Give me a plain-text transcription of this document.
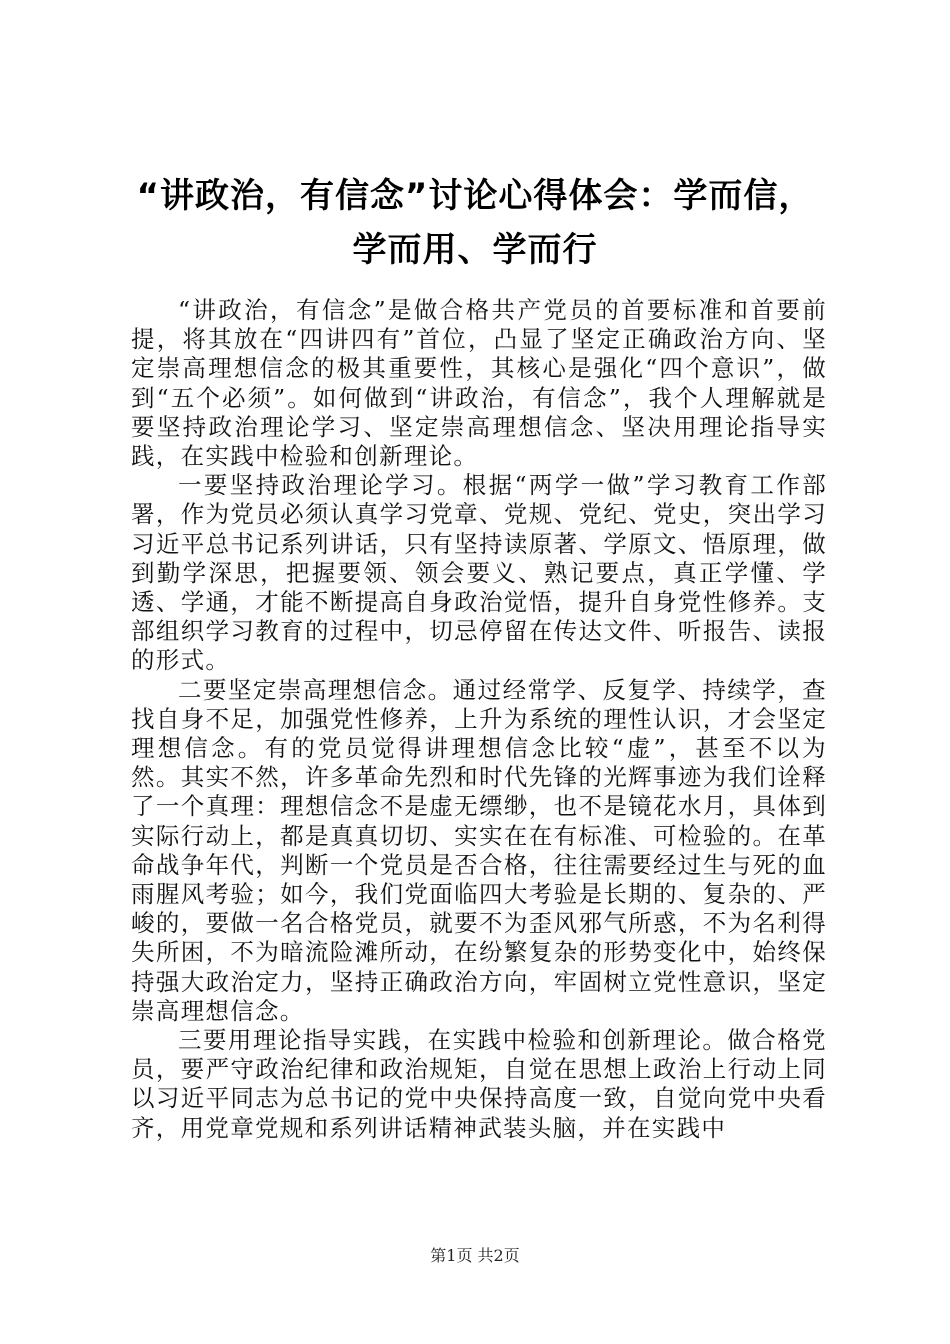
“讲政治，有信念”讨论心得体会：学而信，
学而用、学而行

“讲政治，有信念”是做合格共产党员的首要标准和首要前提，将其放在“四讲四有”首位，凸显了坚定正确政治方向、坚定崇高理想信念的极其重要性，其核心是强化“四个意识”，做到“五个必须”。如何做到“讲政治，有信念”，我个人理解就是要坚持政治理论学习、坚定崇高理想信念、坚决用理论指导实践，在实践中检验和创新理论。

一要坚持政治理论学习。根据“两学一做”学习教育工作部署，作为党员必须认真学习党章、党规、党纪、党史，突出学习习近平总书记系列讲话，只有坚持读原著、学原文、悟原理，做到勤学深思，把握要领、领会要义、熟记要点，真正学懂、学透、学通，才能不断提高自身政治觉悟，提升自身党性修养。支部组织学习教育的过程中，切忌停留在传达文件、听报告、读报的形式。

二要坚定崇高理想信念。通过经常学、反复学、持续学，查找自身不足，加强党性修养，上升为系统的理性认识，才会坚定理想信念。有的党员觉得讲理想信念比较“虚”，甚至不以为然。其实不然，许多革命先烈和时代先锋的光辉事迹为我们诠释了一个真理：理想信念不是虚无缥缈，也不是镜花水月，具体到实际行动上，都是真真切切、实实在在有标准、可检验的。在革命战争年代，判断一个党员是否合格，往往需要经过生与死的血雨腥风考验；如今，我们党面临四大考验是长期的、复杂的、严峻的，要做一名合格党员，就要不为歪风邪气所惑，不为名利得失所困，不为暗流险滩所动，在纷繁复杂的形势变化中，始终保持强大政治定力，坚持正确政治方向，牢固树立党性意识，坚定崇高理想信念。

三要用理论指导实践，在实践中检验和创新理论。做合格党员，要严守政治纪律和政治规矩，自觉在思想上政治上行动上同以习近平同志为总书记的党中央保持高度一致，自觉向党中央看齐，用党章党规和系列讲话精神武装头脑，并在实践中

第1页 共2页
